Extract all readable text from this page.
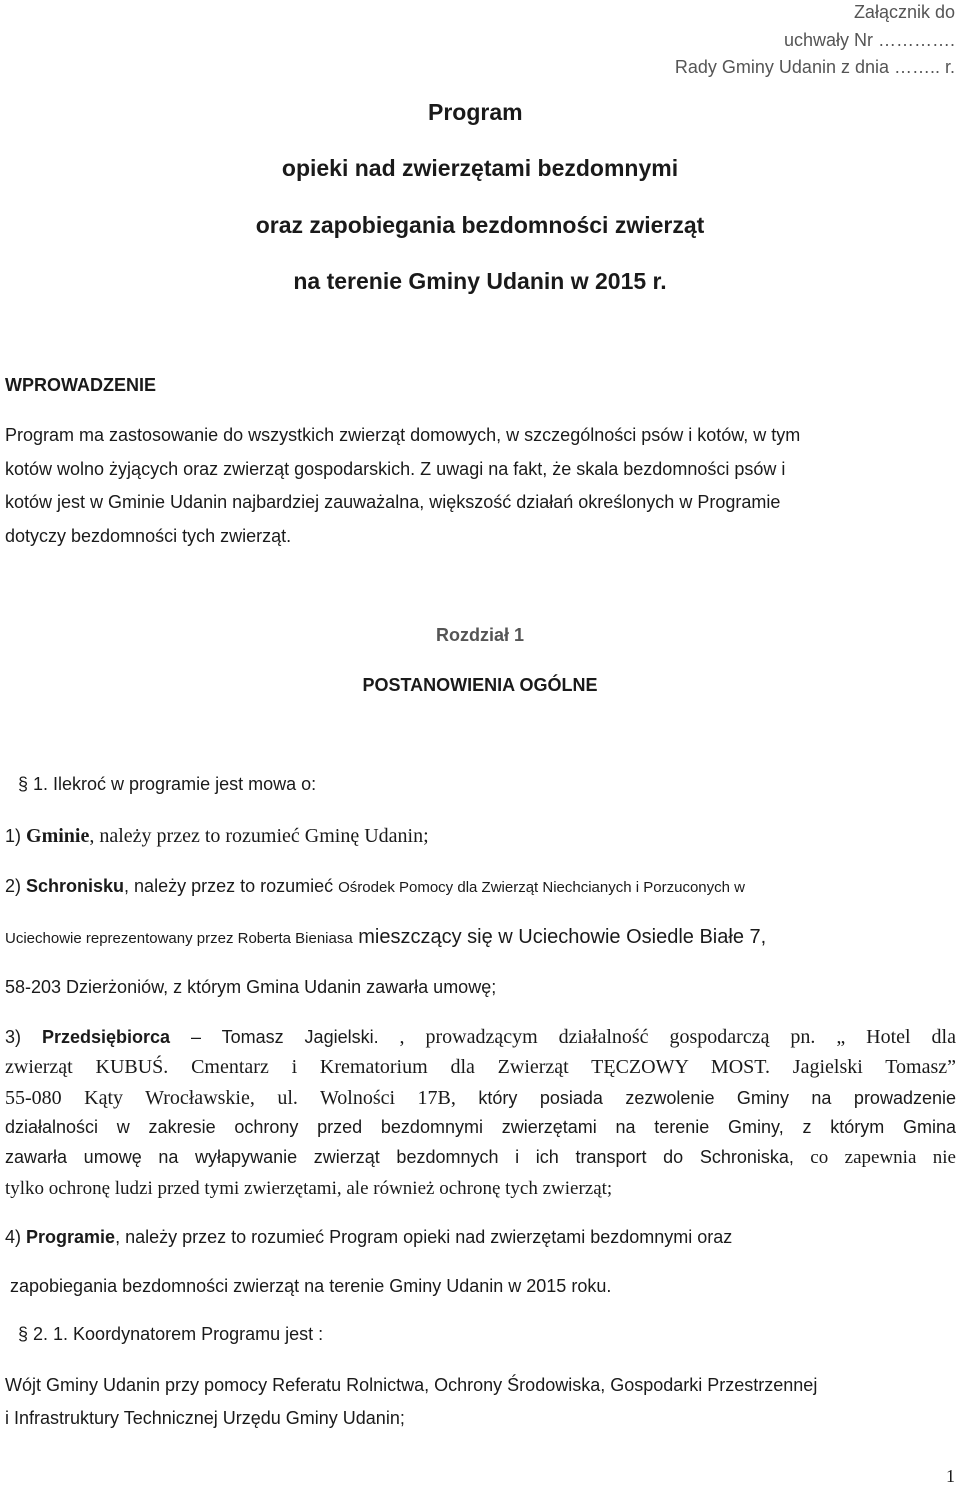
Załącznik do

uchwały Nr ………….

Rady Gminy Udanin z dnia …….. r.

Program

opieki nad zwierzętami bezdomnymi

oraz zapobiegania bezdomności zwierząt

na terenie Gminy Udanin w 2015 r.

WPROWADZENIE

Program ma zastosowanie do wszystkich zwierząt domowych, w szczególności psów i kotów, w tym

kotów wolno żyjących oraz zwierząt gospodarskich. Z uwagi na fakt, że skala bezdomności psów i

kotów jest w Gminie Udanin najbardziej zauważalna, większość działań określonych w Programie

dotyczy bezdomności tych zwierząt.

Rozdział 1

POSTANOWIENIA OGÓLNE

§ 1. Ilekroć w programie jest mowa o:

1) Gminie, należy przez to rozumieć Gminę Udanin;

2) Schronisku, należy przez to rozumieć Ośrodek Pomocy dla Zwierząt Niechcianych i Porzuconych w

Uciechowie reprezentowany przez Roberta Bieniasa mieszczący się w Uciechowie Osiedle Białe 7,

58-203 Dzierżoniów, z którym Gmina Udanin zawarła umowę;

3) Przedsiębiorca – Tomasz Jagielski. , prowadzącym działalność gospodarczą pn. „ Hotel dla

zwierząt KUBUŚ. Cmentarz i Krematorium dla Zwierząt TĘCZOWY MOST. Jagielski Tomasz”

55-080 Kąty Wrocławskie, ul. Wolności 17B, który posiada zezwolenie Gminy na prowadzenie

działalności w zakresie ochrony przed bezdomnymi zwierzętami na terenie Gminy, z którym Gmina

zawarła umowę na wyłapywanie zwierząt bezdomnych i ich transport do Schroniska, co zapewnia nie

tylko ochronę ludzi przed tymi zwierzętami, ale również ochronę tych zwierząt;

4) Programie, należy przez to rozumieć Program opieki nad zwierzętami bezdomnymi oraz

zapobiegania bezdomności zwierząt na terenie Gminy Udanin w 2015 roku.

§ 2. 1. Koordynatorem Programu jest :

Wójt Gminy Udanin przy pomocy Referatu Rolnictwa, Ochrony Środowiska, Gospodarki Przestrzennej

i Infrastruktury Technicznej Urzędu Gminy Udanin;

1
